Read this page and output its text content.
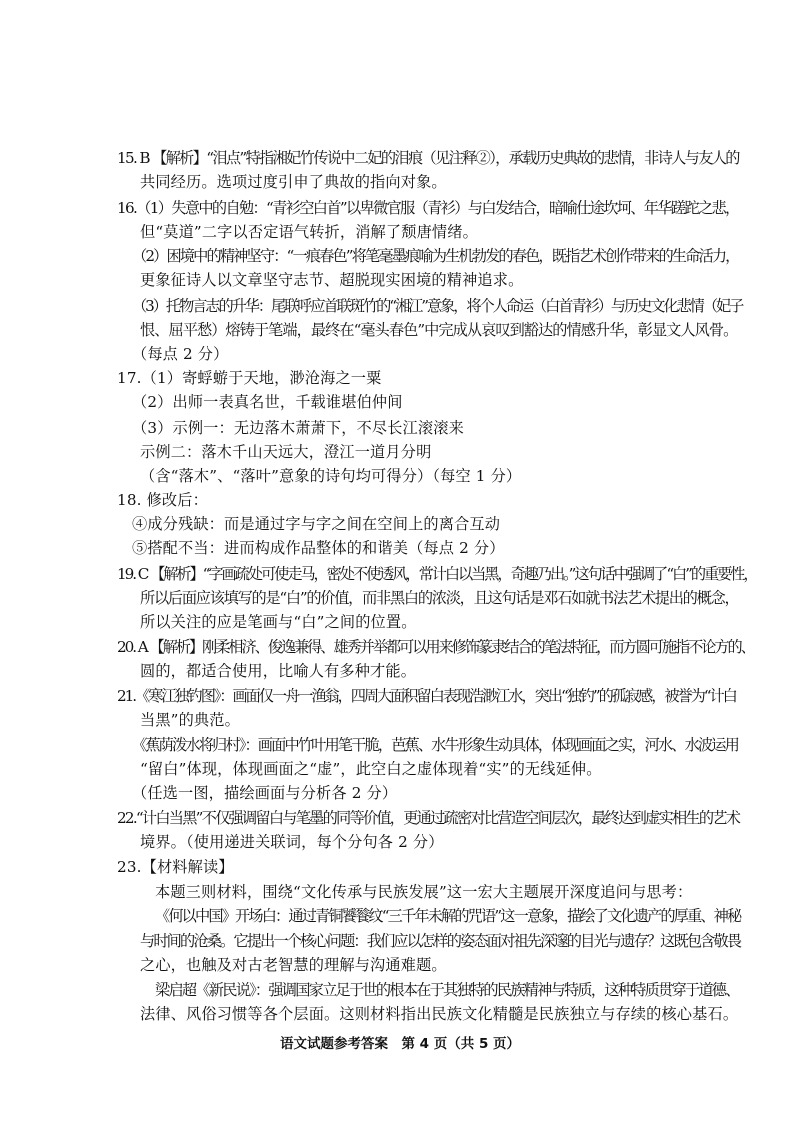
15. B 【解析】“泪点”特指湘妃竹传说中二妃的泪痕（见注释②），承载历史典故的悲情，非诗人与友人的
共同经历。选项过度引申了典故的指向对象。
16.（1）失意中的自勉：“青衫空白首”以卑微官服（青衫）与白发结合，暗喻仕途坎坷、年华蹉跎之悲，
但“莫道”二字以否定语气转折，消解了颓唐情绪。
（2）困境中的精神坚守：“一痕春色”将笔毫墨痕喻为生机勃发的春色，既指艺术创作带来的生命活力，
更象征诗人以文章坚守志节、超脱现实困境的精神追求。
（3）托物言志的升华：尾联呼应首联斑竹的“湘江”意象，将个人命运（白首青衫）与历史文化悲情（妃子
恨、屈平愁）熔铸于笔端，最终在“毫头春色”中完成从哀叹到豁达的情感升华，彰显文人风骨。
（每点 2 分）
17.（1）寄蜉蝣于天地，渺沧海之一粟
（2）出师一表真名世，千载谁堪伯仲间
（3）示例一：无边落木萧萧下，不尽长江滚滚来
示例二：落木千山天远大，澄江一道月分明
（含“落木”、“落叶”意象的诗句均可得分）（每空 1 分）
18. 修改后：
④成分残缺：而是通过字与字之间在空间上的离合互动
⑤搭配不当：进而构成作品整体的和谐美（每点 2 分）
19. C 【解析】“字画疏处可使走马，密处不使透风，常计白以当黑，奇趣乃出。”这句话中强调了“白”的重要性，
所以后面应该填写的是“白”的价值，而非黑白的浓淡，且这句话是邓石如就书法艺术提出的概念，
所以关注的应是笔画与“白”之间的位置。
20. A 【解析】刚柔相济、俊逸兼得、雄秀并举都可以用来修饰篆隶结合的笔法特征，而方圆可施指不论方的、
圆的，都适合使用，比喻人有多种才能。
21.《寒江独钓图》：画面仅一舟一渔翁，四周大面积留白表现浩渺江水，突出“独钓”的孤寂感，被誉为“计白
当黑”的典范。
《蕉荫泼水将归村》：画面中竹叶用笔干脆，芭蕉、水牛形象生动具体，体现画面之实，河水、水波运用
“留白”体现，体现画面之“虚”，此空白之虚体现着“实”的无线延伸。
（任选一图，描绘画面与分析各 2 分）
22.“计白当黑”不仅强调留白与笔墨的同等价值，更通过疏密对比营造空间层次，最终达到虚实相生的艺术
境界。（使用递进关联词，每个分句各 2 分）
23.【材料解读】
本题三则材料，围绕“文化传承与民族发展”这一宏大主题展开深度追问与思考：
《何以中国》开场白：通过青铜饕餮纹“三千年未解的咒语”这一意象，描绘了文化遗产的厚重、神秘
与时间的沧桑。它提出一个核心问题：我们应以怎样的姿态面对祖先深邃的目光与遗存？这既包含敬畏
之心，也触及对古老智慧的理解与沟通难题。
梁启超《新民说》：强调国家立足于世的根本在于其独特的民族精神与特质，这种特质贯穿于道德、
法律、风俗习惯等各个层面。这则材料指出民族文化精髓是民族独立与存续的核心基石。
语文试题参考答案　第 4 页（共 5 页）
